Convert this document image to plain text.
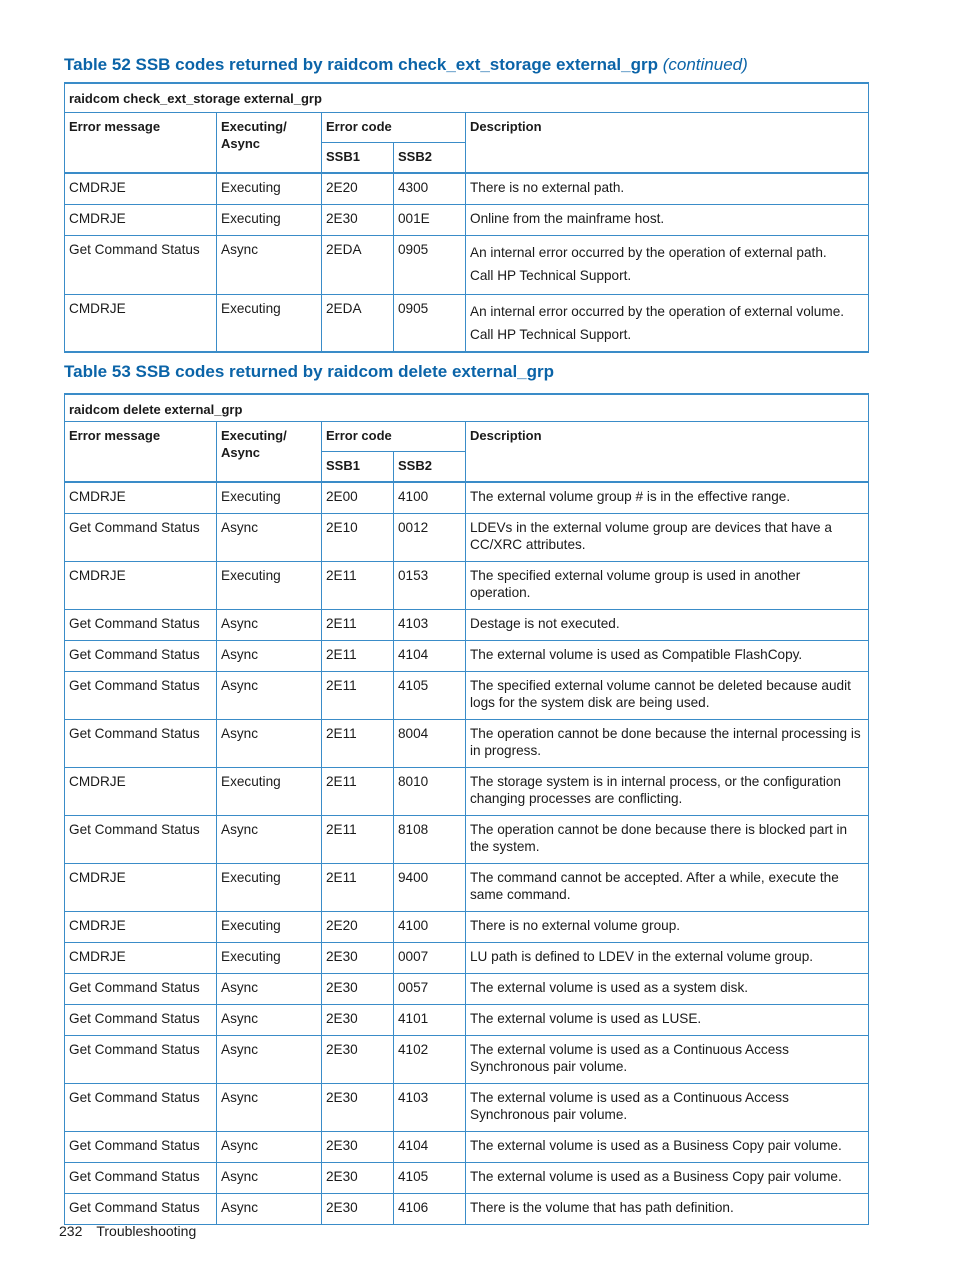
Table 52 SSB codes returned by raidcom check_ext_storage external_grp (continued)
raidcom check_ext_storage external_grp				
Error message	Executing/ Async	Error code		Description
		SSB1	SSB2	
CMDRJE	Executing	2E20	4300	There is no external path.
CMDRJE	Executing	2E30	001E	Online from the mainframe host.
Get Command Status	Async	2EDA	0905	An internal error occurred by the operation of external path.
Call HP Technical Support.

CMDRJE	Executing	2EDA	0905	An internal error occurred by the operation of external volume.
Call HP Technical Support.
Table 53 SSB codes returned by raidcom delete external_grp
raidcom delete external_grp				
Error message	Executing/ Async	Error code		Description
		SSB1	SSB2	
CMDRJE	Executing	2E00	4100	The external volume group # is in the effective range.
Get Command Status	Async	2E10	0012	LDEVs in the external volume group are devices that have a CC/XRC attributes.
CMDRJE	Executing	2E11	0153	The specified external volume group is used in another operation.
Get Command Status	Async	2E11	4103	Destage is not executed.
Get Command Status	Async	2E11	4104	The external volume is used as Compatible FlashCopy.
Get Command Status	Async	2E11	4105	The specified external volume cannot be deleted because audit logs for the system disk are being used.
Get Command Status	Async	2E11	8004	The operation cannot be done because the internal processing is in progress.
CMDRJE	Executing	2E11	8010	The storage system is in internal process, or the configuration changing processes are conflicting.
Get Command Status	Async	2E11	8108	The operation cannot be done because there is blocked part in the system.
CMDRJE	Executing	2E11	9400	The command cannot be accepted. After a while, execute the same command.
CMDRJE	Executing	2E20	4100	There is no external volume group.
CMDRJE	Executing	2E30	0007	LU path is defined to LDEV in the external volume group.
Get Command Status	Async	2E30	0057	The external volume is used as a system disk.
Get Command Status	Async	2E30	4101	The external volume is used as LUSE.
Get Command Status	Async	2E30	4102	The external volume is used as a Continuous Access Synchronous pair volume.
Get Command Status	Async	2E30	4103	The external volume is used as a Continuous Access Synchronous pair volume.
Get Command Status	Async	2E30	4104	The external volume is used as a Business Copy pair volume.
Get Command Status	Async	2E30	4105	The external volume is used as a Business Copy pair volume.
Get Command Status	Async	2E30	4106	There is the volume that has path definition.
232 Troubleshooting
